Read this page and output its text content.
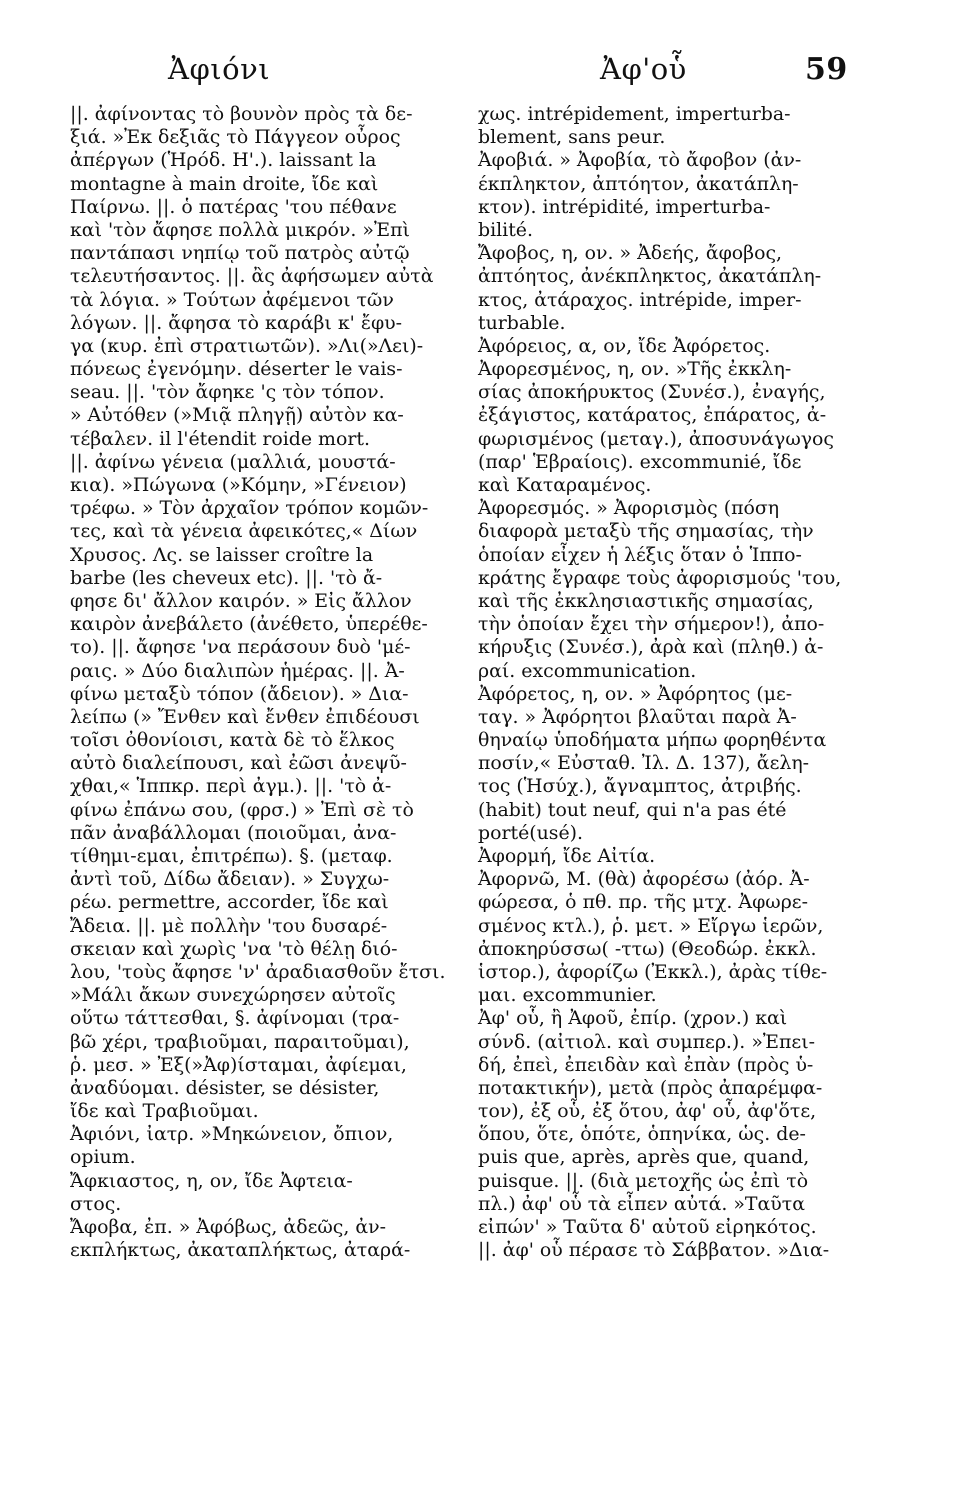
Ἀφιόνι	Ἀφ'οὗ	59
||. ἀφίνοντας τὸ βουνὸν πρὸς τὰ δε-
ξιά. »Ἐκ δεξιᾶς τὸ Πάγγεον οὖρος
ἀπέργων (Ἡρόδ. Η'.). laissant la
montagne à main droite, ἴδε καὶ
Παίρνω. ||. ὁ πατέρας 'του πέθανε
καὶ 'τὸν ἄφησε πολλὰ μικρόν. »Ἐπὶ
παντάπασι νηπίῳ τοῦ πατρὸς αὐτῷ
τελευτήσαντος. ||. ἂς ἀφήσωμεν αὐτὰ
τὰ λόγια. » Τούτων ἀφέμενοι τῶν
λόγων. ||. ἄφησα τὸ καράβι κ' ἔφυ-
γα (κυρ. ἐπὶ στρατιωτῶν). »Λι(»Λει)-
πόνεως ἐγενόμην. déserter le vais-
seau. ||. 'τὸν ἄφηκε 'ς τὸν τόπον.
» Αὐτόθεν (»Μιᾷ πληγῇ) αὐτὸν κα-
τέβαλεν. il l'étendit roide mort.
||. ἀφίνω γένεια (μαλλιά, μουστά-
κια). »Πώγωνα (»Κόμην, »Γένειον)
τρέφω. » Τὸν ἀρχαῖον τρόπον κομῶν-
τες, καὶ τὰ γένεια ἀφεικότες,« Δίων
Χρυσος. Λς. se laisser croître la
barbe (les cheveux etc). ||. 'τὸ ἄ-
φησε δι' ἄλλον καιρόν. » Εἰς ἄλλον
καιρὸν ἀνεβάλετο (ἀνέθετο, ὑπερέθε-
το). ||. ἄφησε 'να περάσουν δυὸ 'μέ-
ραις. » Δύο διαλιπὼν ἡμέρας. ||. Ἀ-
φίνω μεταξὺ τόπον (ἄδειον). » Δια-
λείπω (» Ἔνθεν καὶ ἔνθεν ἐπιδέουσι
τοῖσι ὀθονίοισι, κατὰ δὲ τὸ ἕλκος
αὐτὸ διαλείπουσι, καὶ ἐῶσι ἀνεψῦ-
χθαι,« Ἱππκρ. περὶ ἀγμ.). ||. 'τὸ ἀ-
φίνω ἐπάνω σου, (φρσ.) » Ἐπὶ σὲ τὸ
πᾶν ἀναβάλλομαι (ποιοῦμαι, ἀνα-
τίθημι-εμαι, ἐπιτρέπω). §. (μεταφ.
ἀντὶ τοῦ, Δίδω ἄδειαν). » Συγχω-
ρέω. permettre, accorder, ἴδε καὶ
Ἄδεια. ||. μὲ πολλὴν 'του δυσαρέ-
σκειαν καὶ χωρὶς 'να 'τὸ θέλῃ διό-
λου, 'τοὺς ἄφησε 'ν' ἀραδιασθοῦν ἔτσι.
»Μάλι ἄκων συνεχώρησεν αὐτοῖς
οὕτω τάττεσθαι, §. ἀφίνομαι (τρα-
βῶ χέρι, τραβιοῦμαι, παραιτοῦμαι),
ῥ. μεσ. » Ἐξ(»Ἀφ)ίσταμαι, ἀφίεμαι,
ἀναδύομαι. désister, se désister,
ἴδε καὶ Τραβιοῦμαι.
Ἀφιόνι, ἰατρ. »Μηκώνειον, ὄπιον,
opium.
Ἄφκιαστος, η, ον, ἴδε Ἀφτεια-
στος.
Ἄφοβα, ἐπ. » Ἀφόβως, ἀδεῶς, ἀν-
εκπλήκτως, ἀκαταπλήκτως, ἀταρά-
χως. intrépidement, imperturba-
blement, sans peur.
Ἀφοβιά. » Ἀφοβία, τὸ ἄφοβον (ἀν-
έκπληκτον, ἀπτόητον, ἀκατάπλη-
κτον). intrépidité, imperturba-
bilité.
Ἄφοβος, η, ον. » Ἀδεής, ἄφοβος,
ἀπτόητος, ἀνέκπληκτος, ἀκατάπλη-
κτος, ἀτάραχος. intrépide, imper-
turbable.
Ἀφόρειος, α, ον, ἴδε Ἀφόρετος.
Ἀφορεσμένος, η, ον. »Τῆς ἐκκλη-
σίας ἀποκήρυκτος (Συνέσ.), ἐναγής,
ἐξάγιστος, κατάρατος, ἐπάρατος, ἀ-
φωρισμένος (μεταγ.), ἀποσυνάγωγος
(παρ' Ἑβραίοις). excommunié, ἴδε
καὶ Καταραμένος.
Ἀφορεσμός. » Ἀφορισμὸς (πόση
διαφορὰ μεταξὺ τῆς σημασίας, τὴν
ὁποίαν εἶχεν ἡ λέξις ὅταν ὁ Ἱππο-
κράτης ἔγραφε τοὺς ἀφορισμούς 'του,
καὶ τῆς ἐκκλησιαστικῆς σημασίας,
τὴν ὁποίαν ἔχει τὴν σήμερον!), ἀπο-
κήρυξις (Συνέσ.), ἀρὰ καὶ (πληθ.) ἀ-
ραί. excommunication.
Ἀφόρετος, η, ον. » Ἀφόρητος (με-
ταγ. » Ἀφόρητοι βλαῦται παρὰ Ἀ-
θηναίῳ ὑποδήματα μήπω φορηθέντα
ποσίν,« Εὐσταθ. Ἰλ. Δ. 137), ἄελη-
τος (Ἡσύχ.), ἄγναμπτος, ἀτριβής.
(habit) tout neuf, qui n'a pas été
porté(usé).
Ἀφορμή, ἴδε Αἰτία.
Ἀφορνῶ, Μ. (θὰ) ἀφορέσω (ἀόρ. Ἀ-
φώρεσα, ὁ πθ. πρ. τῆς μτχ. Ἀφωρε-
σμένος κτλ.), ῥ. μετ. » Εἴργω ἱερῶν,
ἀποκηρύσσω( -ττω) (Θεοδώρ. ἐκκλ.
ἱστορ.), ἀφορίζω (Ἐκκλ.), ἀρὰς τίθε-
μαι. excommunier.
Ἀφ' οὗ, ἢ Ἀφοῦ, ἐπίρ. (χρον.) καὶ
σύνδ. (αἰτιολ. καὶ συμπερ.). »Ἐπει-
δή, ἐπεὶ, ἐπειδὰν καὶ ἐπὰν (πρὸς ὑ-
ποτακτικήν), μετὰ (πρὸς ἀπαρέμφα-
τον), ἐξ οὗ, ἐξ ὅτου, ἀφ' οὗ, ἀφ'ὅτε,
ὅπου, ὅτε, ὁπότε, ὁπηνίκα, ὡς. de-
puis que, après, après que, quand,
puisque. ||. (διὰ μετοχῆς ὡς ἐπὶ τὸ
πλ.) ἀφ' οὗ τὰ εἶπεν αὐτά. »Ταῦτα
εἰπών' » Ταῦτα δ' αὐτοῦ εἰρηκότος.
||. ἀφ' οὗ πέρασε τὸ Σάββατον. »Δια-
